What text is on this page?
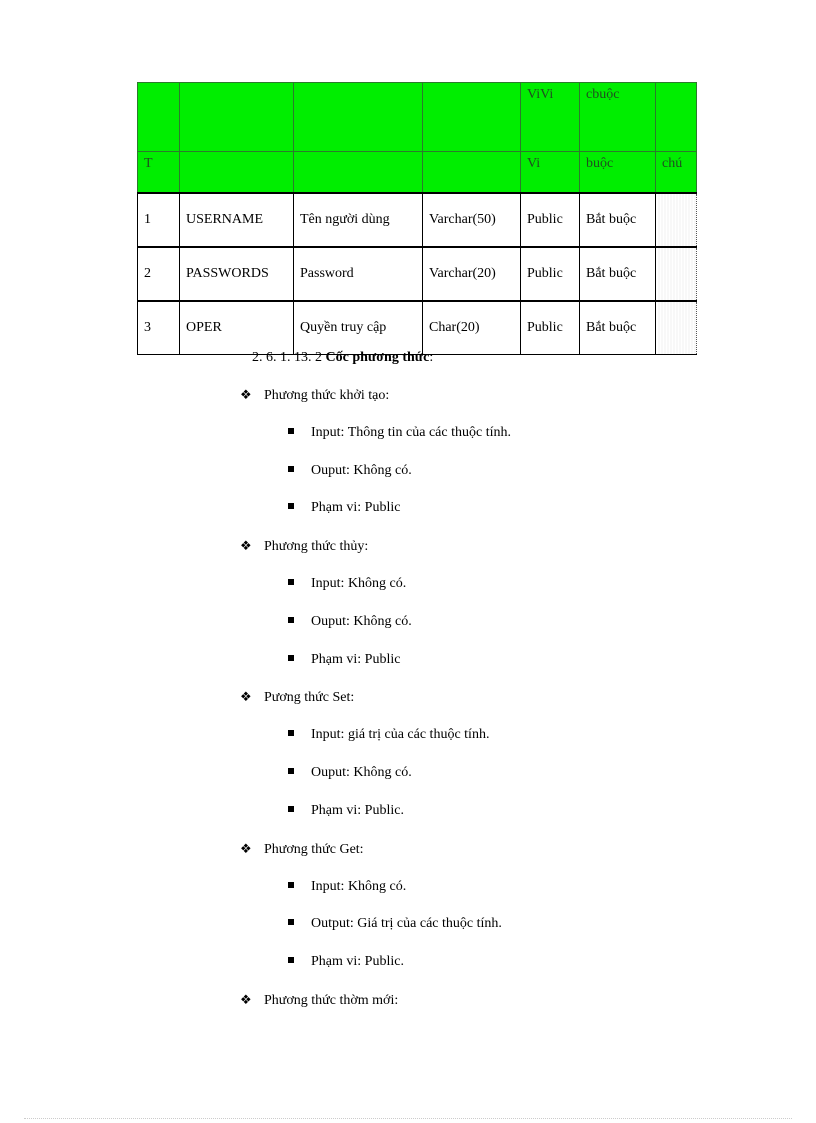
				ViVi	cbuộc	
T				Vi	buộc	chú
1	USERNAME	Tên người dùng	Varchar(50)	Public	Bắt buộc	
2	PASSWORDS	Password	Varchar(20)	Public	Bắt buộc	
3	OPER	Quyền truy cập	Char(20)	Public	Bắt buộc	
2. 6. 1. 13. 2 Cốc phương thức:
❖ Phương thức khởi tạo:
Input: Thông tin của các thuộc tính.
Ouput: Không có.
Phạm vi: Public
❖ Phương thức thủy:
Input: Không có.
Ouput: Không có.
Phạm vi: Public
❖ Pương thức Set:
Input: giá trị của các thuộc tính.
Ouput: Không có.
Phạm vi: Public.
❖ Phương thức Get:
Input: Không có.
Output: Giá trị của các thuộc tính.
Phạm vi: Public.
❖ Phương thức thờm mới:
